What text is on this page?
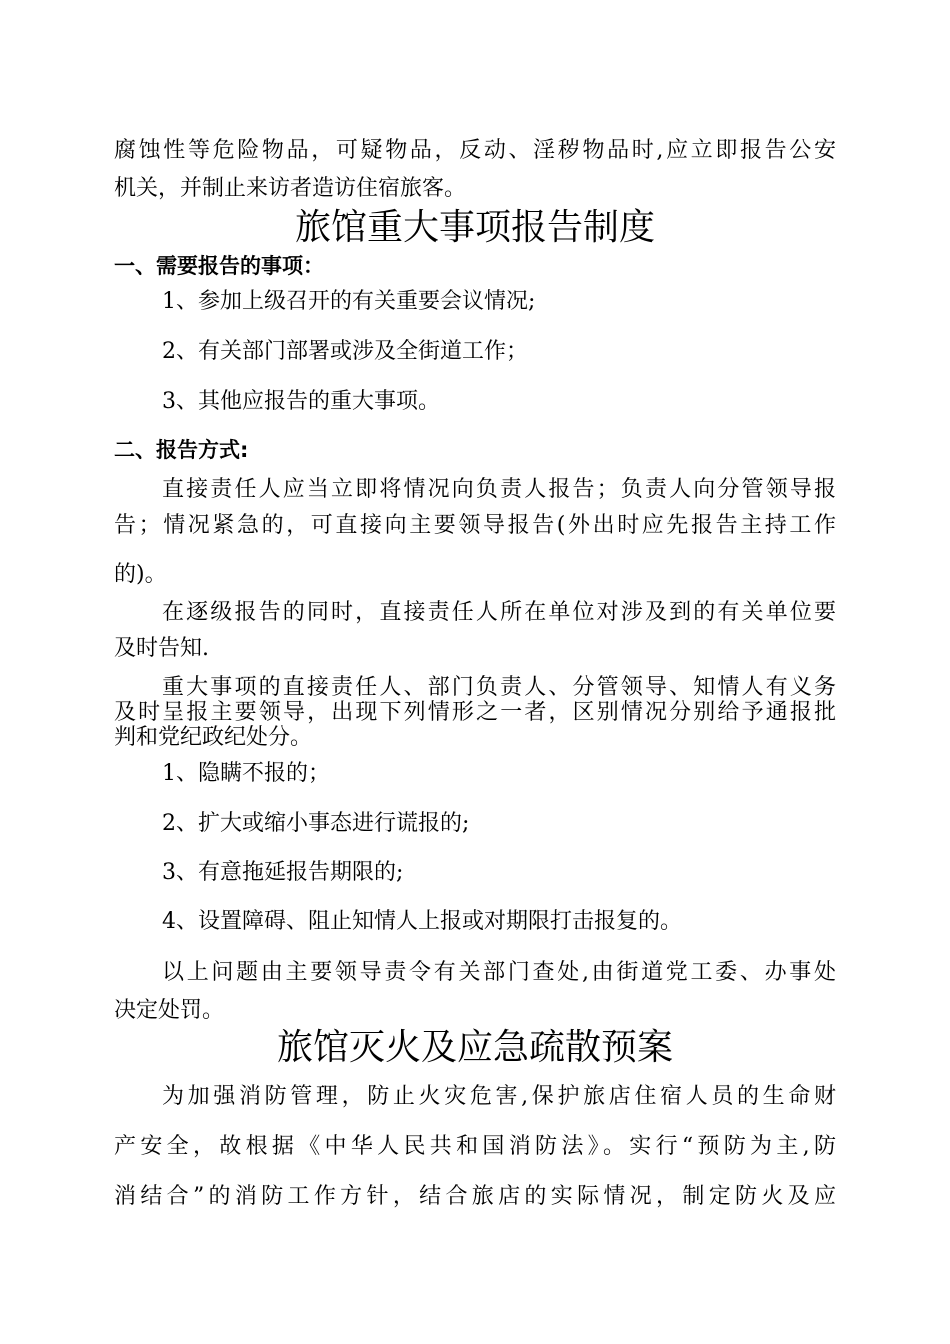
腐蚀性等危险物品，可疑物品，反动、淫秽物品时,应立即报告公安
机关，并制止来访者造访住宿旅客。
旅馆重大事项报告制度
一、需要报告的事项：
1、参加上级召开的有关重要会议情况;
2、有关部门部署或涉及全街道工作；
3、其他应报告的重大事项。
二、报告方式:
直接责任人应当立即将情况向负责人报告；负责人向分管领导报
告；情况紧急的，可直接向主要领导报告(外出时应先报告主持工作
的)。
在逐级报告的同时，直接责任人所在单位对涉及到的有关单位要
及时告知.
重大事项的直接责任人、部门负责人、分管领导、知情人有义务
及时呈报主要领导，出现下列情形之一者，区别情况分别给予通报批
判和党纪政纪处分。
1、隐瞒不报的；
2、扩大或缩小事态进行谎报的;
3、有意拖延报告期限的;
4、设置障碍、阻止知情人上报或对期限打击报复的。
以上问题由主要领导责令有关部门查处,由街道党工委、办事处
决定处罚。
旅馆灭火及应急疏散预案
为加强消防管理，防止火灾危害,保护旅店住宿人员的生命财
产安全，故根据《中华人民共和国消防法》。实行“预防为主,防
消结合”的消防工作方针，结合旅店的实际情况，制定防火及应
